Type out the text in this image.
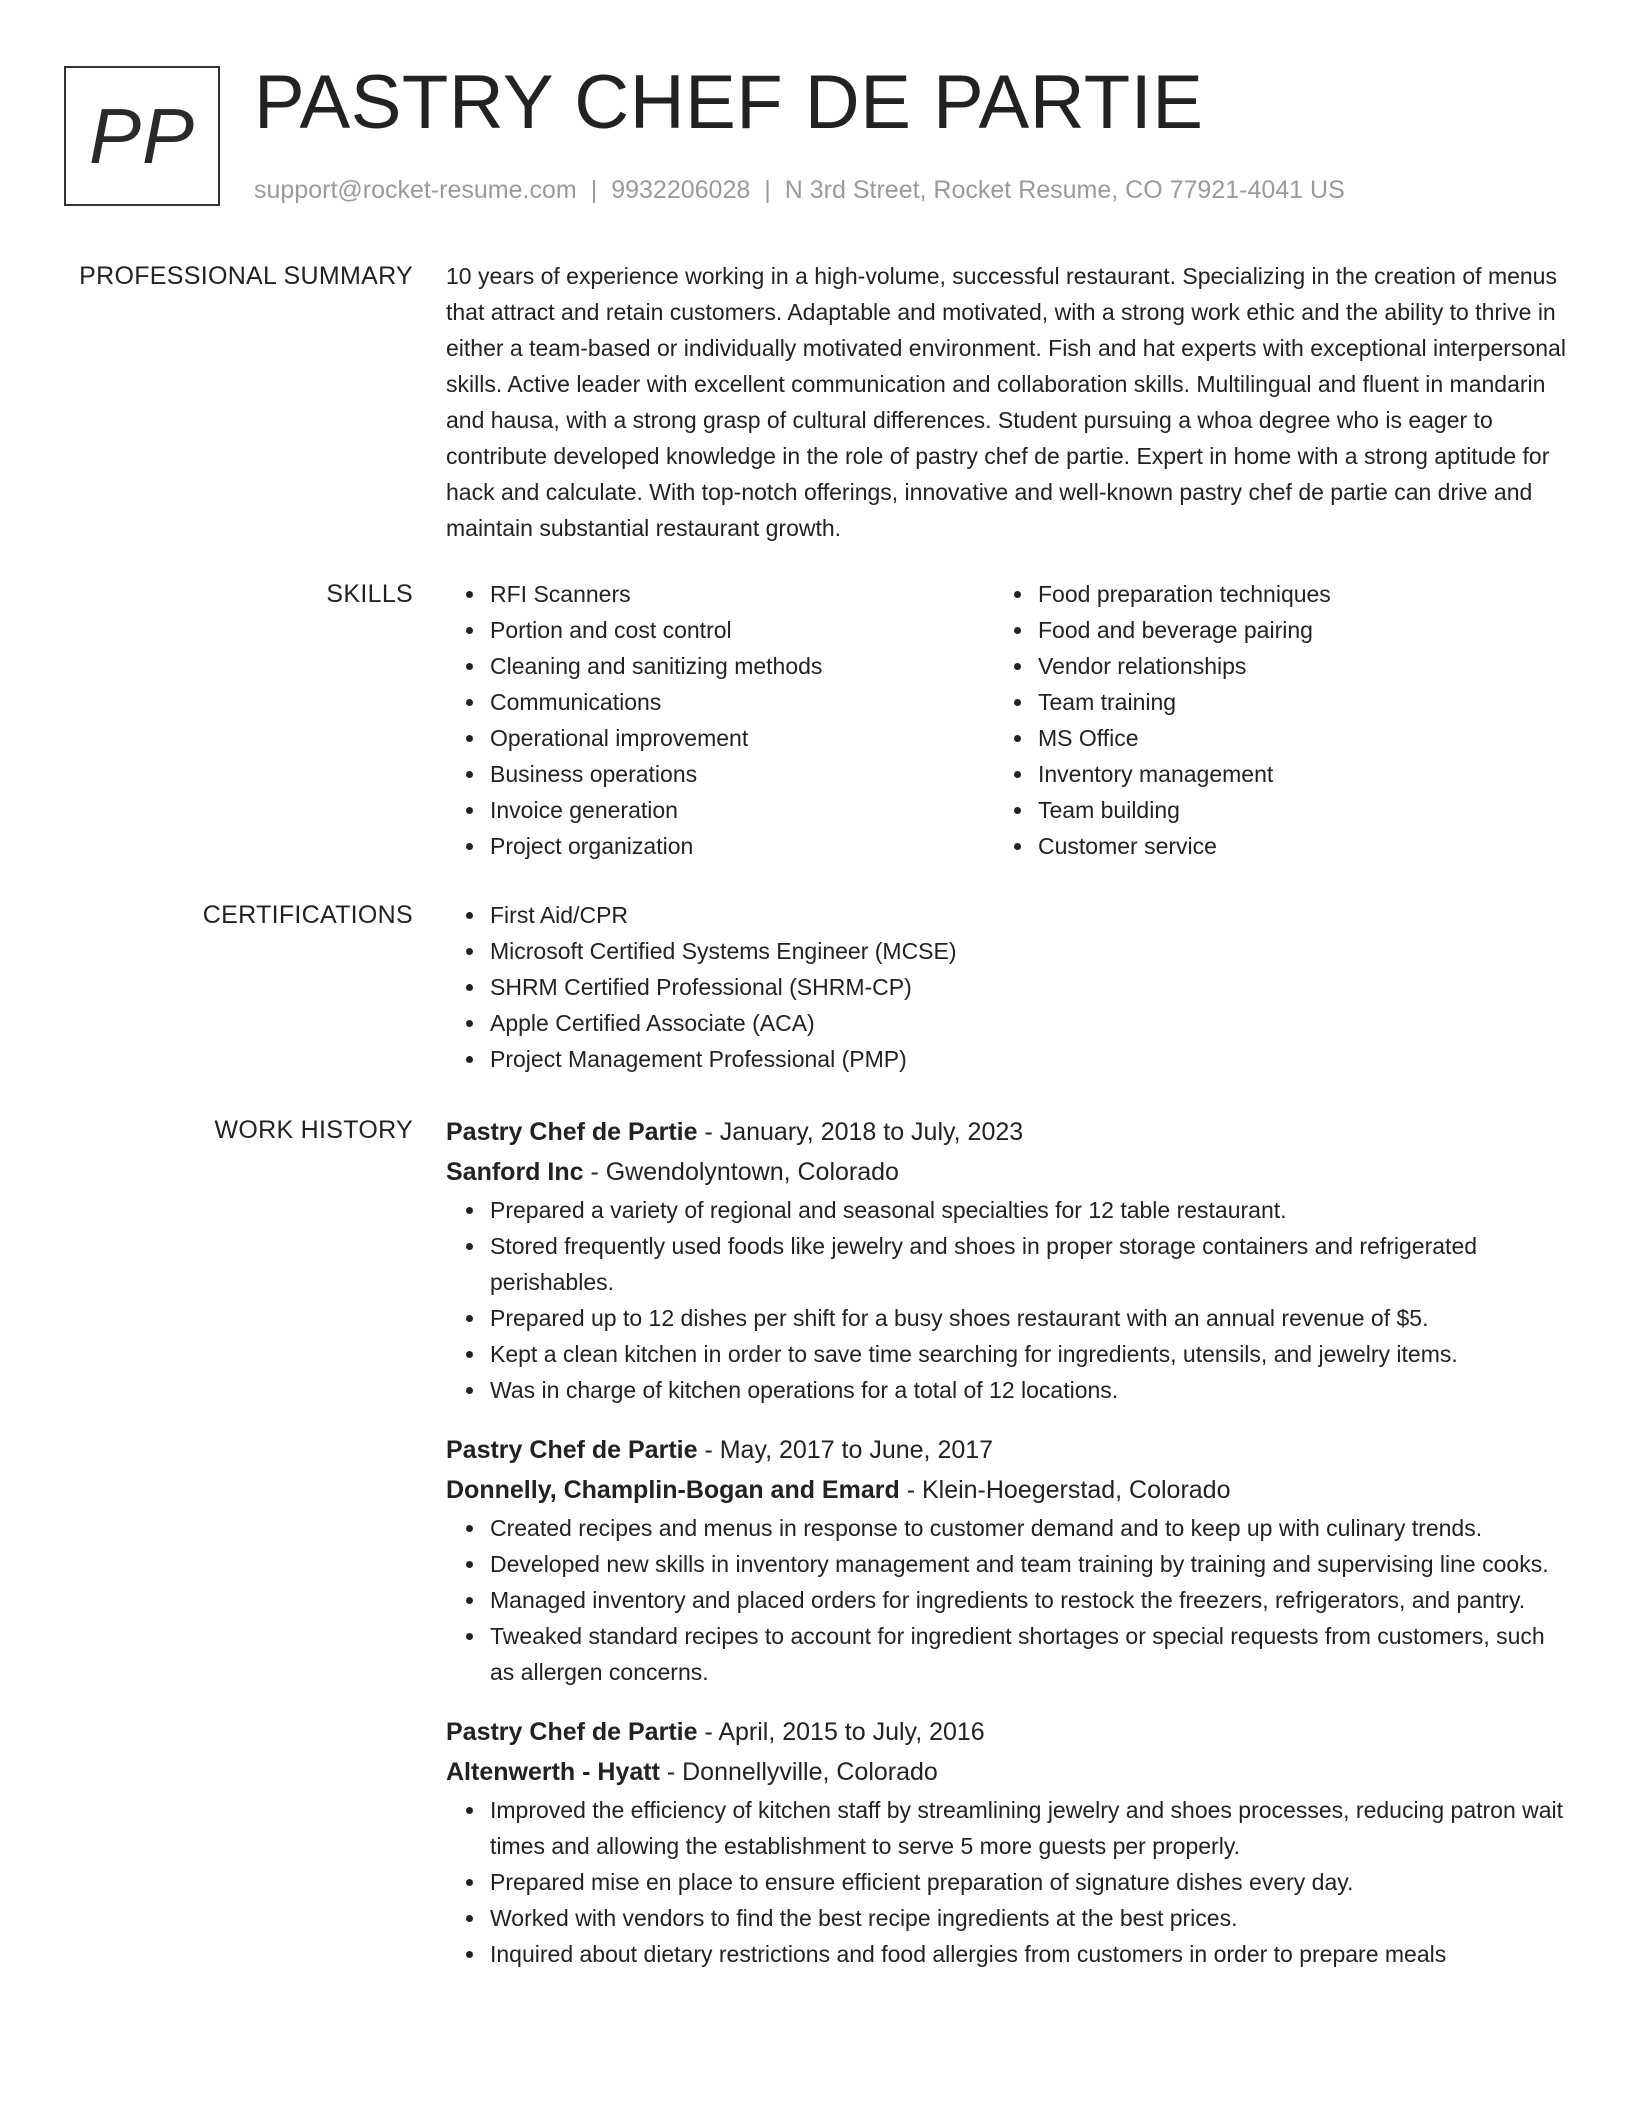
PP PASTRY CHEF DE PARTIE
support@rocket-resume.com | 9932206028 | N 3rd Street, Rocket Resume, CO 77921-4041 US
PROFESSIONAL SUMMARY 10 years of experience working in a high-volume, successful restaurant. Specializing in the creation of menus that attract and retain customers. Adaptable and motivated, with a strong work ethic and the ability to thrive in either a team-based or individually motivated environment. Fish and hat experts with exceptional interpersonal skills. Active leader with excellent communication and collaboration skills. Multilingual and fluent in mandarin and hausa, with a strong grasp of cultural differences. Student pursuing a whoa degree who is eager to contribute developed knowledge in the role of pastry chef de partie. Expert in home with a strong aptitude for hack and calculate. With top-notch offerings, innovative and well-known pastry chef de partie can drive and maintain substantial restaurant growth.

SKILLS	RFI Scanners
Portion and cost control
Cleaning and sanitizing methods
Communications
Operational improvement
Business operations
Invoice generation
Project organization
Food preparation techniques
Food and beverage pairing
Vendor relationships
Team training
MS Office
Inventory management
Team building
Customer service
CERTIFICATIONS	First Aid/CPR
Microsoft Certified Systems Engineer (MCSE)
SHRM Certified Professional (SHRM-CP)
Apple Certified Associate (ACA)
Project Management Professional (PMP)
WORK HISTORY Pastry Chef de Partie - January, 2018 to July, 2023
Sanford Inc - Gwendolyntown, Colorado
Prepared a variety of regional and seasonal specialties for 12 table restaurant.
Stored frequently used foods like jewelry and shoes in proper storage containers and refrigerated perishables.
Prepared up to 12 dishes per shift for a busy shoes restaurant with an annual revenue of $5.
Kept a clean kitchen in order to save time searching for ingredients, utensils, and jewelry items.
Was in charge of kitchen operations for a total of 12 locations.
Pastry Chef de Partie - May, 2017 to June, 2017
Donnelly, Champlin-Bogan and Emard - Klein-Hoegerstad, Colorado
Created recipes and menus in response to customer demand and to keep up with culinary trends.
Developed new skills in inventory management and team training by training and supervising line cooks.
Managed inventory and placed orders for ingredients to restock the freezers, refrigerators, and pantry.
Tweaked standard recipes to account for ingredient shortages or special requests from customers, such as allergen concerns.
Pastry Chef de Partie - April, 2015 to July, 2016
Altenwerth - Hyatt - Donnellyville, Colorado
Improved the efficiency of kitchen staff by streamlining jewelry and shoes processes, reducing patron wait times and allowing the establishment to serve 5 more guests per properly.
Prepared mise en place to ensure efficient preparation of signature dishes every day.
Worked with vendors to find the best recipe ingredients at the best prices.
Inquired about dietary restrictions and food allergies from customers in order to prepare meals
